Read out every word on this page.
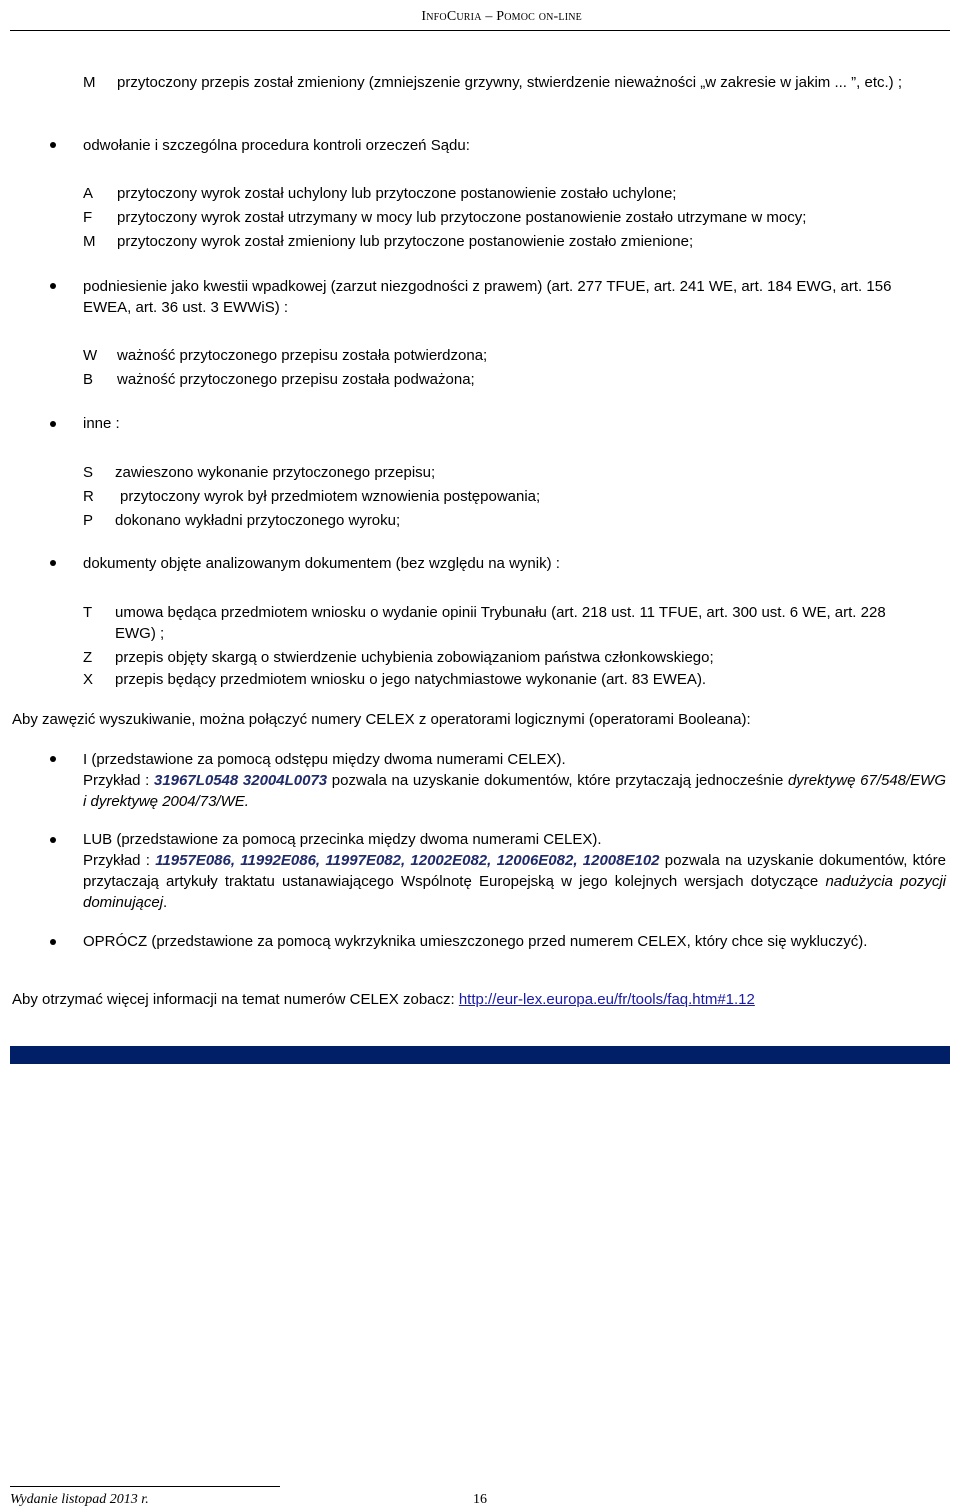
InfoCuria – Pomoc on-line
M przytoczony przepis został zmieniony (zmniejszenie grzywny, stwierdzenie nieważności „w zakresie w jakim ... ”, etc.) ;
odwołanie i szczególna procedura kontroli orzeczeń Sądu:
A przytoczony wyrok został uchylony lub przytoczone postanowienie zostało uchylone;
F przytoczony wyrok został utrzymany w mocy lub przytoczone postanowienie zostało utrzymane w mocy;
M przytoczony wyrok został zmieniony lub przytoczone postanowienie zostało zmienione;
podniesienie jako kwestii wpadkowej (zarzut niezgodności z prawem) (art. 277 TFUE, art. 241 WE, art. 184 EWG, art. 156 EWEA, art. 36 ust. 3 EWWiS) :
W ważność przytoczonego przepisu została potwierdzona;
B ważność przytoczonego przepisu została podważona;
inne :
S zawieszono wykonanie przytoczonego przepisu;
R przytoczony wyrok był przedmiotem wznowienia postępowania;
P dokonano wykładni przytoczonego wyroku;
dokumenty objęte analizowanym dokumentem (bez względu na wynik) :
T umowa będąca przedmiotem wniosku o wydanie opinii Trybunału (art. 218 ust. 11 TFUE, art. 300 ust. 6 WE, art. 228 EWG) ;
Z przepis objęty skargą o stwierdzenie uchybienia zobowiązaniom państwa członkowskiego;
X przepis będący przedmiotem wniosku o jego natychmiastowe wykonanie (art. 83 EWEA).
Aby zawęzić wyszukiwanie, można połączyć numery CELEX z operatorami logicznymi (operatorami Booleana):
I (przedstawione za pomocą odstępu między dwoma numerami CELEX).
Przykład : 31967L0548 32004L0073 pozwala na uzyskanie dokumentów, które przytaczają jednocześnie dyrektywę 67/548/EWG i dyrektywę 2004/73/WE.
LUB (przedstawione za pomocą przecinka między dwoma numerami CELEX).
Przykład : 11957E086, 11992E086, 11997E082, 12002E082, 12006E082, 12008E102 pozwala na uzyskanie dokumentów, które przytaczają artykuły traktatu ustanawiającego Wspólnotę Europejską w jego kolejnych wersjach dotyczące nadużycia pozycji dominującej.
OPRÓCZ (przedstawione za pomocą wykrzyknika umieszczonego przed numerem CELEX, który chce się wykluczyć).
Aby otrzymać więcej informacji na temat numerów CELEX zobacz: http://eur-lex.europa.eu/fr/tools/faq.htm#1.12
Wydanie listopad 2013 r.	16
